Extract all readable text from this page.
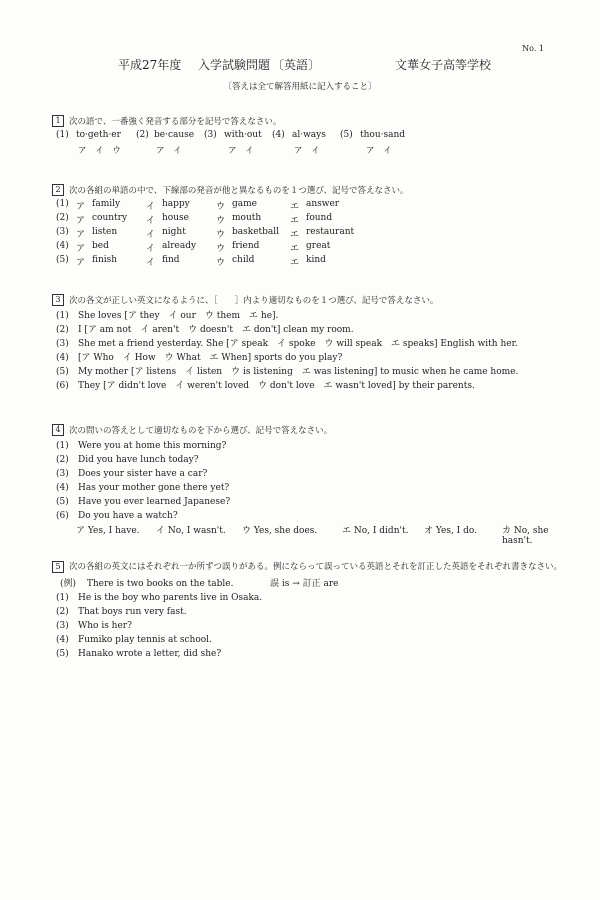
No. 1
平成27年度 入学試験問題 〔英語〕	文華女子高等学校
〔答えは全て解答用紙に記入すること〕
1 次の語で、一番強く発音する部分を記号で答えなさい。
(1) to·geth·er (2) be·cause (3) with·out (4) al·ways (5) thou·sand
ア イ ウ	ア イ	ア イ	ア イ	ア イ
2 次の各組の単語の中で、下線部の発音が他と異なるものを１つ選び、記号で答えなさい。
(1) ア family	イ happy	ウ game	エ answer
(2) ア country イ house	ウ mouth	エ found
(3) ア listen	イ night	ウ basketball エ restaurant
(4) ア bed	イ already ウ friend	エ great
(5) ア finish	イ find	ウ child	エ kind
3 次の各文が正しい英文になるように、［　　］内より適切なものを１つ選び、記号で答えなさい。
(1) She loves [ア they　イ our　ウ them　エ he].
(2) I [ア am not　イ aren't　ウ doesn't　エ don't] clean my room.
(3) She met a friend yesterday. She [ア speak　イ spoke　ウ will speak　エ speaks] English with her.
(4) [ア Who　イ How　ウ What　エ When] sports do you play?
(5) My mother [ア listens　イ listen　ウ is listening　エ was listening] to music when he came home.
(6) They [ア didn't love　イ weren't loved　ウ don't love　エ wasn't loved] by their parents.
4 次の問いの答えとして適切なものを下から選び、記号で答えなさい。
(1) Were you at home this morning?
(2) Did you have lunch today?
(3) Does your sister have a car?
(4) Has your mother gone there yet?
(5) Have you ever learned Japanese?
(6) Do you have a watch?
ア Yes, I have. イ No, I wasn't. ウ Yes, she does.	エ No, I didn't. オ Yes, I do.	カ No, she hasn't.
5 次の各組の英文にはそれぞれ一か所ずつ誤りがある。例にならって誤っている英語とそれを訂正した英語をそれぞれ書きなさい。
(例) There is two books on the table.	誤 is → 訂正 are
(1) He is the boy who parents live in Osaka.
(2) That boys run very fast.
(3) Who is her?
(4) Fumiko play tennis at school.
(5) Hanako wrote a letter, did she?
